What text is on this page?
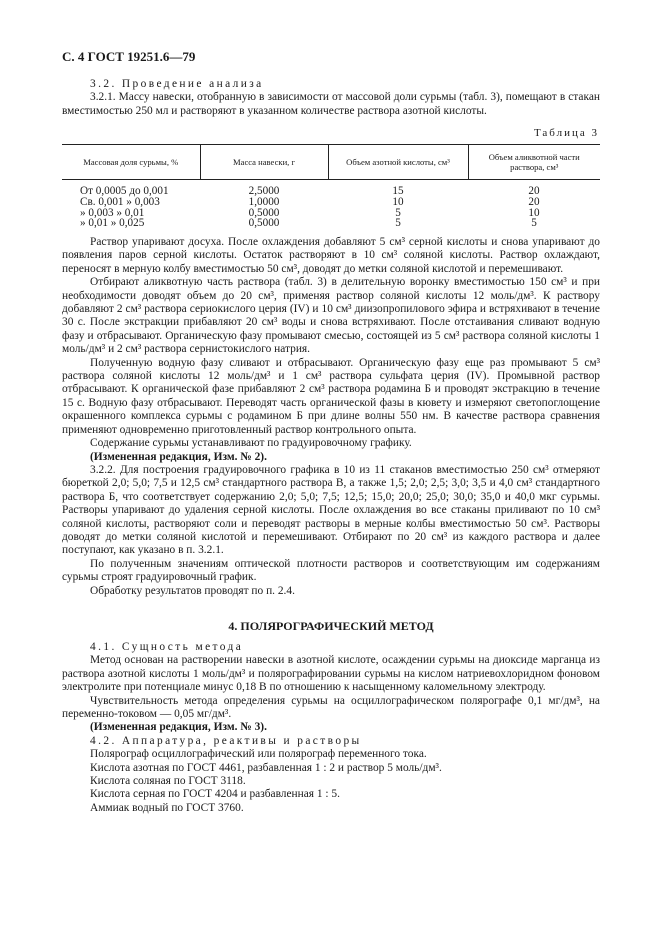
С. 4 ГОСТ 19251.6—79

3.2. Проведение анализа

3.2.1. Массу навески, отобранную в зависимости от массовой доли сурьмы (табл. 3), помещают в стакан вместимостью 250 мл и растворяют в указанном количестве раствора азотной кислоты.

Таблица 3
Массовая доля сурьмы, %	Масса навески, г	Объем азотной кислоты, см³	Объем аликвотной части раствора, см³
От 0,0005 до 0,001	2,5000	15	20
Св. 0,001 » 0,003	1,0000	10	20
» 0,003 » 0,01	0,5000	5	10
» 0,01 » 0,025	0,5000	5	5

Раствор упаривают досуха. После охлаждения добавляют 5 см³ серной кислоты и снова упаривают до появления паров серной кислоты. Остаток растворяют в 10 см³ соляной кислоты. Раствор охлаждают, переносят в мерную колбу вместимостью 50 см³, доводят до метки соляной кислотой и перемешивают.

Отбирают аликвотную часть раствора (табл. 3) в делительную воронку вместимостью 150 см³ и при необходимости доводят объем до 20 см³, применяя раствор соляной кислоты 12 моль/дм³. К раствору добавляют 2 см³ раствора сериокислого церия (IV) и 10 см³ диизопропилового эфира и встряхивают в течение 30 с. После экстракции прибавляют 20 см³ воды и снова встряхивают. После отстаивания сливают водную фазу и отбрасывают. Органическую фазу промывают смесью, состоящей из 5 см³ раствора соляной кислоты 1 моль/дм³ и 2 см³ раствора сернистокислого натрия.

Полученную водную фазу сливают и отбрасывают. Органическую фазу еще раз промывают 5 см³ раствора соляной кислоты 12 моль/дм³ и 1 см³ раствора сульфата церия (IV). Промывной раствор отбрасывают. К органической фазе прибавляют 2 см³ раствора родамина Б и проводят экстракцию в течение 15 с. Водную фазу отбрасывают. Переводят часть органической фазы в кювету и измеряют светопоглощение окрашенного комплекса сурьмы с родамином Б при длине волны 550 нм. В качестве раствора сравнения применяют одновременно приготовленный раствор контрольного опыта.

Содержание сурьмы устанавливают по градуировочному графику.

(Измененная редакция, Изм. № 2).

3.2.2. Для построения градуировочного графика в 10 из 11 стаканов вместимостью 250 см³ отмеряют бюреткой 2,0; 5,0; 7,5 и 12,5 см³ стандартного раствора В, а также 1,5; 2,0; 2,5; 3,0; 3,5 и 4,0 см³ стандартного раствора Б, что соответствует содержанию 2,0; 5,0; 7,5; 12,5; 15,0; 20,0; 25,0; 30,0; 35,0 и 40,0 мкг сурьмы. Растворы упаривают до удаления серной кислоты. После охлаждения во все стаканы приливают по 10 см³ соляной кислоты, растворяют соли и переводят растворы в мерные колбы вместимостью 50 см³. Растворы доводят до метки соляной кислотой и перемешивают. Отбирают по 20 см³ из каждого раствора и далее поступают, как указано в п. 3.2.1.

По полученным значениям оптической плотности растворов и соответствующим им содержаниям сурьмы строят градуировочный график.

Обработку результатов проводят по п. 2.4.

4. ПОЛЯРОГРАФИЧЕСКИЙ МЕТОД

4.1. Сущность метода

Метод основан на растворении навески в азотной кислоте, осаждении сурьмы на диоксиде марганца из раствора азотной кислоты 1 моль/дм³ и полярографировании сурьмы на кислом натриевохлоридном фоновом электролите при потенциале минус 0,18 В по отношению к насыщенному каломельному электроду.

Чувствительность метода определения сурьмы на осциллографическом полярографе 0,1 мг/дм³, на переменно-токовом — 0,05 мг/дм³.

(Измененная редакция, Изм. № 3).

4.2. Аппаратура, реактивы и растворы

Полярограф осциллографический или полярограф переменного тока.

Кислота азотная по ГОСТ 4461, разбавленная 1 : 2 и раствор 5 моль/дм³.

Кислота соляная по ГОСТ 3118.

Кислота серная по ГОСТ 4204 и разбавленная 1 : 5.

Аммиак водный по ГОСТ 3760.
